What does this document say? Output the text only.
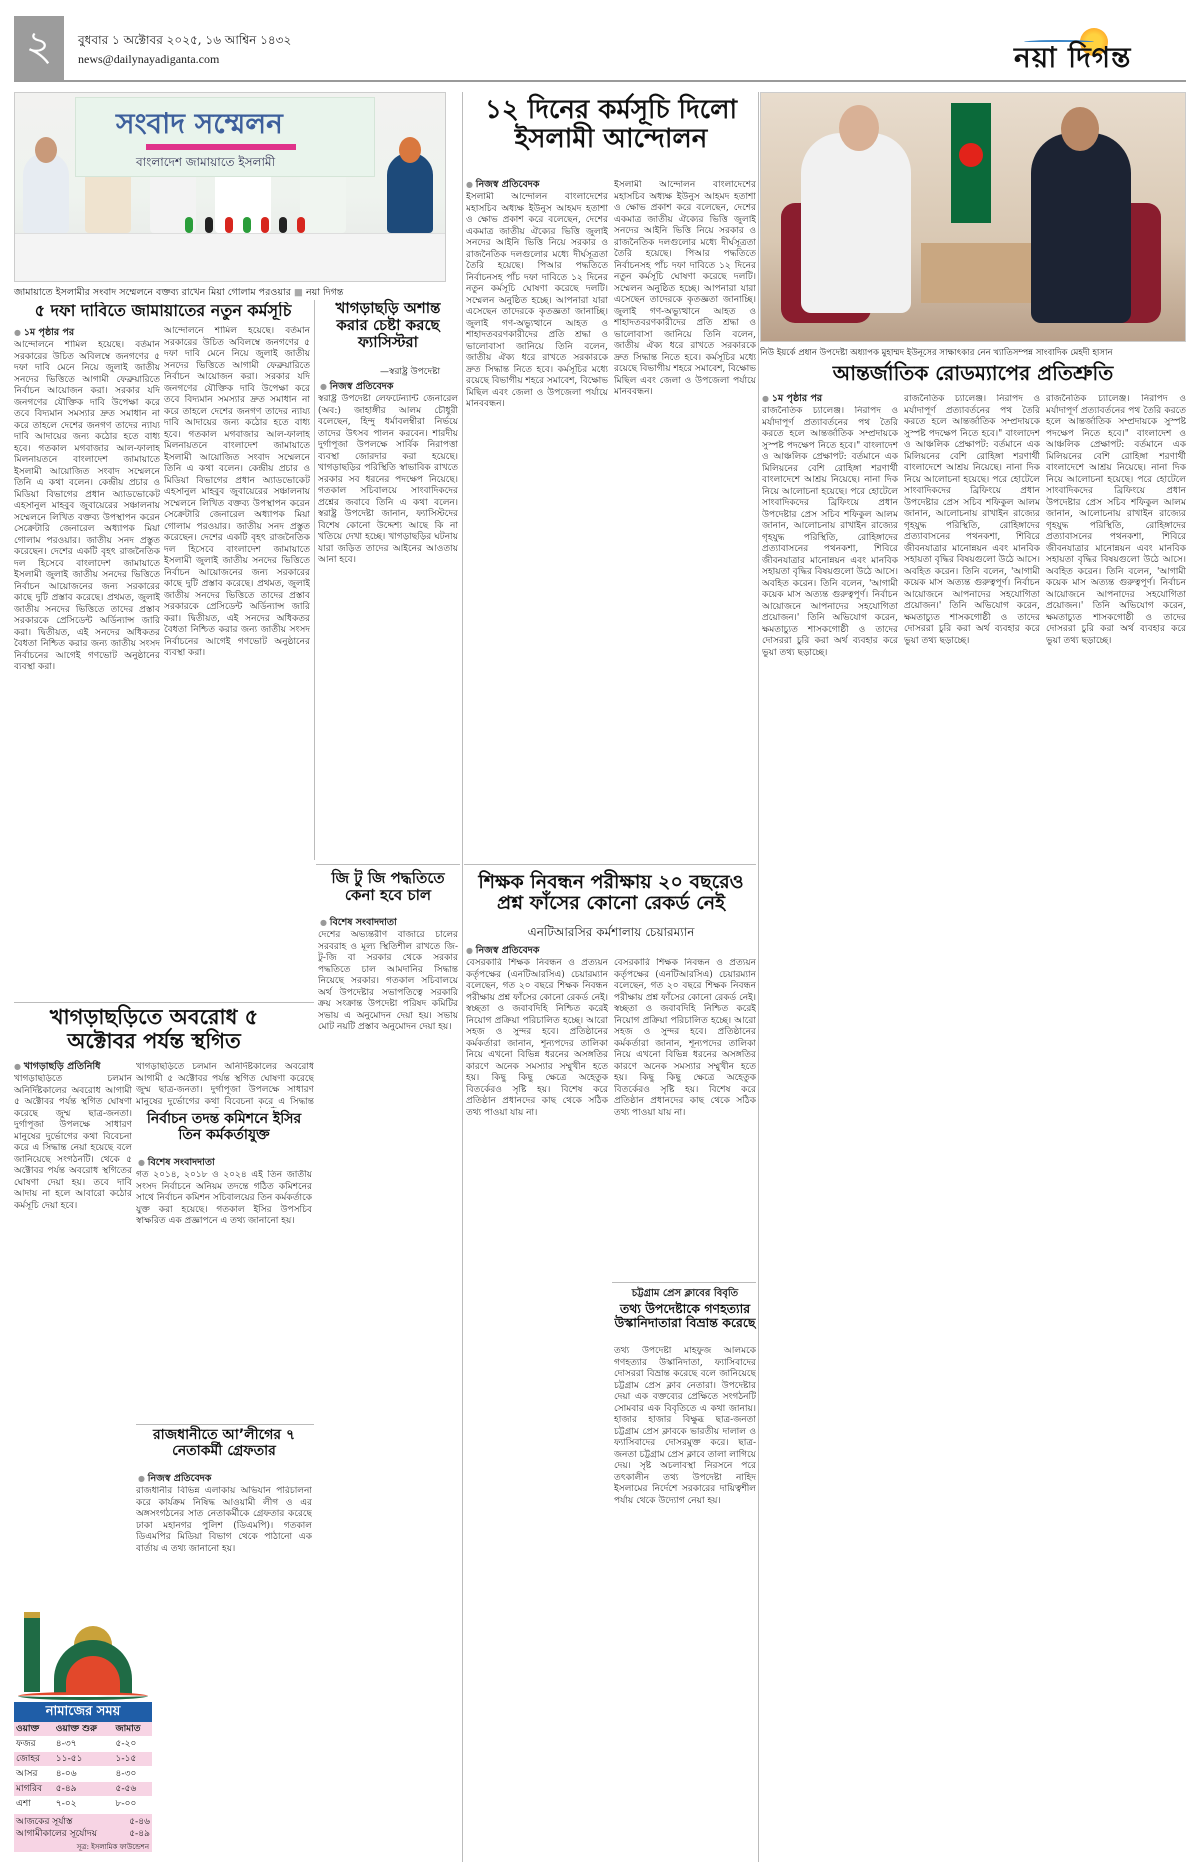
২	বুধবার ১ অক্টোবর ২০২৫, ১৬ আশ্বিন ১৪৩২
news@dailynayadiganta.com	নয়া দিগন্ত
সংবাদ সম্মেলন
বাংলাদেশ জামায়াতে ইসলামী
জামায়াতে ইসলামীর সংবাদ সম্মেলনে বক্তব্য রাখেন মিয়া গোলাম পরওয়ার ■ নয়া দিগন্ত
৫ দফা দাবিতে জামায়াতের নতুন কর্মসূচি
● ১ম পৃষ্ঠার পর
আন্দোলনে শামিল হয়েছে। বর্তমান সরকারের উচিত অবিলম্বে জনগণের ৫ দফা দাবি মেনে নিয়ে জুলাই জাতীয় সনদের ভিত্তিতে আগামী ফেব্রুয়ারিতে নির্বাচন আয়োজন করা। সরকার যদি জনগণের যৌক্তিক দাবি উপেক্ষা করে তবে বিদ্যমান সমস্যার দ্রুত সমাধান না করে তাহলে দেশের জনগণ তাদের ন্যায্য দাবি আদায়ের জন্য কঠোর হতে বাধ্য হবে। গতকাল মগবাজার আল-ফালাহ মিলনায়তনে বাংলাদেশ জামায়াতে ইসলামী আয়োজিত সংবাদ সম্মেলনে তিনি এ কথা বলেন। কেন্দ্রীয় প্রচার ও মিডিয়া বিভাগের প্রধান অ্যাডভোকেট এহসানুল মাহবুব জুবায়েরের সঞ্চালনায় সম্মেলনে লিখিত বক্তব্য উপস্থাপন করেন সেক্রেটারি জেনারেল অধ্যাপক মিয়া গোলাম পরওয়ার। জাতীয় সনদ প্রস্তুত করেছেন। দেশের একটি বৃহৎ রাজনৈতিক দল হিসেবে বাংলাদেশ জামায়াতে ইসলামী জুলাই জাতীয় সনদের ভিত্তিতে নির্বাচন আয়োজনের জন্য সরকারের কাছে দুটি প্রস্তাব করেছে। প্রথমত, জুলাই জাতীয় সনদের ভিত্তিতে তাদের প্রস্তাব সরকারকে প্রেসিডেন্ট অর্ডিন্যান্স জারি করা। দ্বিতীয়ত, এই সনদের অধিকতর বৈধতা নিশ্চিত করার জন্য জাতীয় সংসদ নির্বাচনের আগেই গণভোট অনুষ্ঠানের ব্যবস্থা করা।
আন্দোলনে শামিল হয়েছে। বর্তমান সরকারের উচিত অবিলম্বে জনগণের ৫ দফা দাবি মেনে নিয়ে জুলাই জাতীয় সনদের ভিত্তিতে আগামী ফেব্রুয়ারিতে নির্বাচন আয়োজন করা। সরকার যদি জনগণের যৌক্তিক দাবি উপেক্ষা করে তবে বিদ্যমান সমস্যার দ্রুত সমাধান না করে তাহলে দেশের জনগণ তাদের ন্যায্য দাবি আদায়ের জন্য কঠোর হতে বাধ্য হবে। গতকাল মগবাজার আল-ফালাহ মিলনায়তনে বাংলাদেশ জামায়াতে ইসলামী আয়োজিত সংবাদ সম্মেলনে তিনি এ কথা বলেন। কেন্দ্রীয় প্রচার ও মিডিয়া বিভাগের প্রধান অ্যাডভোকেট এহসানুল মাহবুব জুবায়েরের সঞ্চালনায় সম্মেলনে লিখিত বক্তব্য উপস্থাপন করেন সেক্রেটারি জেনারেল অধ্যাপক মিয়া গোলাম পরওয়ার। জাতীয় সনদ প্রস্তুত করেছেন। দেশের একটি বৃহৎ রাজনৈতিক দল হিসেবে বাংলাদেশ জামায়াতে ইসলামী জুলাই জাতীয় সনদের ভিত্তিতে নির্বাচন আয়োজনের জন্য সরকারের কাছে দুটি প্রস্তাব করেছে। প্রথমত, জুলাই জাতীয় সনদের ভিত্তিতে তাদের প্রস্তাব সরকারকে প্রেসিডেন্ট অর্ডিন্যান্স জারি করা। দ্বিতীয়ত, এই সনদের অধিকতর বৈধতা নিশ্চিত করার জন্য জাতীয় সংসদ নির্বাচনের আগেই গণভোট অনুষ্ঠানের ব্যবস্থা করা।
খাগড়াছড়ি অশান্ত করার চেষ্টা করছে ফ্যাসিস্টরা
—স্বরাষ্ট্র উপদেষ্টা
● নিজস্ব প্রতিবেদক
স্বরাষ্ট্র উপদেষ্টা লেফটেন্যান্ট জেনারেল (অব:) জাহাঙ্গীর আলম চৌধুরী বলেছেন, হিন্দু ধর্মাবলম্বীরা নির্ভয়ে তাদের উৎসব পালন করবেন। শারদীয় দুর্গাপূজা উপলক্ষে সার্বিক নিরাপত্তা ব্যবস্থা জোরদার করা হয়েছে। খাগড়াছড়ির পরিস্থিতি স্বাভাবিক রাখতে সরকার সব ধরনের পদক্ষেপ নিয়েছে। গতকাল সচিবালয়ে সাংবাদিকদের প্রশ্নের জবাবে তিনি এ কথা বলেন। স্বরাষ্ট্র উপদেষ্টা জানান, ফ্যাসিস্টদের বিশেষ কোনো উদ্দেশ্য আছে কি না খতিয়ে দেখা হচ্ছে। খাগড়াছড়ির ঘটনায় যারা জড়িত তাদের আইনের আওতায় আনা হবে।
১২ দিনের কর্মসূচি দিলো ইসলামী আন্দোলন
● নিজস্ব প্রতিবেদক
ইসলামী আন্দোলন বাংলাদেশের মহাসচিব অধ্যক্ষ ইউনুস আহমদ হতাশা ও ক্ষোভ প্রকাশ করে বলেছেন, দেশের একমাত্র জাতীয় ঐক্যের ভিত্তি জুলাই সনদের আইনি ভিত্তি নিয়ে সরকার ও রাজনৈতিক দলগুলোর মধ্যে দীর্ঘসূত্রতা তৈরি হয়েছে। পিআর পদ্ধতিতে নির্বাচনসহ পাঁচ দফা দাবিতে ১২ দিনের নতুন কর্মসূচি ঘোষণা করেছে দলটি। সম্মেলন অনুষ্ঠিত হচ্ছে। আপনারা যারা এসেছেন তাদেরকে কৃতজ্ঞতা জানাচ্ছি। জুলাই গণ-অভ্যুত্থানে আহত ও শাহাদতবরণকারীদের প্রতি শ্রদ্ধা ও ভালোবাসা জানিয়ে তিনি বলেন, জাতীয় ঐক্য ধরে রাখতে সরকারকে দ্রুত সিদ্ধান্ত নিতে হবে। কর্মসূচির মধ্যে রয়েছে বিভাগীয় শহরে সমাবেশ, বিক্ষোভ মিছিল এবং জেলা ও উপজেলা পর্যায়ে মানববন্ধন।
ইসলামী আন্দোলন বাংলাদেশের মহাসচিব অধ্যক্ষ ইউনুস আহমদ হতাশা ও ক্ষোভ প্রকাশ করে বলেছেন, দেশের একমাত্র জাতীয় ঐক্যের ভিত্তি জুলাই সনদের আইনি ভিত্তি নিয়ে সরকার ও রাজনৈতিক দলগুলোর মধ্যে দীর্ঘসূত্রতা তৈরি হয়েছে। পিআর পদ্ধতিতে নির্বাচনসহ পাঁচ দফা দাবিতে ১২ দিনের নতুন কর্মসূচি ঘোষণা করেছে দলটি। সম্মেলন অনুষ্ঠিত হচ্ছে। আপনারা যারা এসেছেন তাদেরকে কৃতজ্ঞতা জানাচ্ছি। জুলাই গণ-অভ্যুত্থানে আহত ও শাহাদতবরণকারীদের প্রতি শ্রদ্ধা ও ভালোবাসা জানিয়ে তিনি বলেন, জাতীয় ঐক্য ধরে রাখতে সরকারকে দ্রুত সিদ্ধান্ত নিতে হবে। কর্মসূচির মধ্যে রয়েছে বিভাগীয় শহরে সমাবেশ, বিক্ষোভ মিছিল এবং জেলা ও উপজেলা পর্যায়ে মানববন্ধন।
নিউ ইয়র্কে প্রধান উপদেষ্টা অধ্যাপক মুহাম্মদ ইউনূসের সাক্ষাৎকার নেন খ্যাতিসম্পন্ন সাংবাদিক মেহদী হাসান
আন্তর্জাতিক রোডম্যাপের প্রতিশ্রুতি
● ১ম পৃষ্ঠার পর
রাজনৈতিক চ্যালেঞ্জ। নিরাপদ ও মর্যাদাপূর্ণ প্রত্যাবর্তনের পথ তৈরি করতে হলে আন্তর্জাতিক সম্প্রদায়কে সুস্পষ্ট পদক্ষেপ নিতে হবে।" বাংলাদেশ ও আঞ্চলিক প্রেক্ষাপট: বর্তমানে এক মিলিয়নের বেশি রোহিঙ্গা শরণার্থী বাংলাদেশে আশ্রয় নিয়েছে। নানা দিক নিয়ে আলোচনা হয়েছে। পরে হোটেলে সাংবাদিকদের ব্রিফিংয়ে প্রধান উপদেষ্টার প্রেস সচিব শফিকুল আলম জানান, আলোচনায় রাখাইন রাজ্যের গৃহযুদ্ধ পরিস্থিতি, রোহিঙ্গাদের প্রত্যাবাসনের পথনকশা, শিবিরে জীবনযাত্রার মানোন্নয়ন এবং মানবিক সহায়তা বৃদ্ধির বিষয়গুলো উঠে আসে। অবহিত করেন। তিনি বলেন, 'আগামী কয়েক মাস অত্যন্ত গুরুত্বপূর্ণ। নির্বাচন আয়োজনে আপনাদের সহযোগিতা প্রয়োজন।' তিনি অভিযোগ করেন, ক্ষমতাচ্যুত শাসকগোষ্ঠী ও তাদের দোসররা চুরি করা অর্থ ব্যবহার করে ভুয়া তথ্য ছড়াচ্ছে।
রাজনৈতিক চ্যালেঞ্জ। নিরাপদ ও মর্যাদাপূর্ণ প্রত্যাবর্তনের পথ তৈরি করতে হলে আন্তর্জাতিক সম্প্রদায়কে সুস্পষ্ট পদক্ষেপ নিতে হবে।" বাংলাদেশ ও আঞ্চলিক প্রেক্ষাপট: বর্তমানে এক মিলিয়নের বেশি রোহিঙ্গা শরণার্থী বাংলাদেশে আশ্রয় নিয়েছে। নানা দিক নিয়ে আলোচনা হয়েছে। পরে হোটেলে সাংবাদিকদের ব্রিফিংয়ে প্রধান উপদেষ্টার প্রেস সচিব শফিকুল আলম জানান, আলোচনায় রাখাইন রাজ্যের গৃহযুদ্ধ পরিস্থিতি, রোহিঙ্গাদের প্রত্যাবাসনের পথনকশা, শিবিরে জীবনযাত্রার মানোন্নয়ন এবং মানবিক সহায়তা বৃদ্ধির বিষয়গুলো উঠে আসে। অবহিত করেন। তিনি বলেন, 'আগামী কয়েক মাস অত্যন্ত গুরুত্বপূর্ণ। নির্বাচন আয়োজনে আপনাদের সহযোগিতা প্রয়োজন।' তিনি অভিযোগ করেন, ক্ষমতাচ্যুত শাসকগোষ্ঠী ও তাদের দোসররা চুরি করা অর্থ ব্যবহার করে ভুয়া তথ্য ছড়াচ্ছে।
রাজনৈতিক চ্যালেঞ্জ। নিরাপদ ও মর্যাদাপূর্ণ প্রত্যাবর্তনের পথ তৈরি করতে হলে আন্তর্জাতিক সম্প্রদায়কে সুস্পষ্ট পদক্ষেপ নিতে হবে।" বাংলাদেশ ও আঞ্চলিক প্রেক্ষাপট: বর্তমানে এক মিলিয়নের বেশি রোহিঙ্গা শরণার্থী বাংলাদেশে আশ্রয় নিয়েছে। নানা দিক নিয়ে আলোচনা হয়েছে। পরে হোটেলে সাংবাদিকদের ব্রিফিংয়ে প্রধান উপদেষ্টার প্রেস সচিব শফিকুল আলম জানান, আলোচনায় রাখাইন রাজ্যের গৃহযুদ্ধ পরিস্থিতি, রোহিঙ্গাদের প্রত্যাবাসনের পথনকশা, শিবিরে জীবনযাত্রার মানোন্নয়ন এবং মানবিক সহায়তা বৃদ্ধির বিষয়গুলো উঠে আসে। অবহিত করেন। তিনি বলেন, 'আগামী কয়েক মাস অত্যন্ত গুরুত্বপূর্ণ। নির্বাচন আয়োজনে আপনাদের সহযোগিতা প্রয়োজন।' তিনি অভিযোগ করেন, ক্ষমতাচ্যুত শাসকগোষ্ঠী ও তাদের দোসররা চুরি করা অর্থ ব্যবহার করে ভুয়া তথ্য ছড়াচ্ছে।
জি টু জি পদ্ধতিতে কেনা হবে চাল
● বিশেষ সংবাদদাতা
দেশের অভ্যন্তরীণ বাজারে চালের সরবরাহ ও মূল্য স্থিতিশীল রাখতে জি-টু-জি বা সরকার থেকে সরকার পদ্ধতিতে চাল আমদানির সিদ্ধান্ত নিয়েছে সরকার। গতকাল সচিবালয়ে অর্থ উপদেষ্টার সভাপতিত্বে সরকারি ক্রয় সংক্রান্ত উপদেষ্টা পরিষদ কমিটির সভায় এ অনুমোদন দেয়া হয়। সভায় মোট নয়টি প্রস্তাব অনুমোদন দেয়া হয়।
শিক্ষক নিবন্ধন পরীক্ষায় ২০ বছরেও প্রশ্ন ফাঁসের কোনো রেকর্ড নেই
এনটিআরসির কর্মশালায় চেয়ারম্যান
● নিজস্ব প্রতিবেদক
বেসরকারি শিক্ষক নিবন্ধন ও প্রত্যয়ন কর্তৃপক্ষের (এনটিআরসিএ) চেয়ারম্যান বলেছেন, গত ২০ বছরে শিক্ষক নিবন্ধন পরীক্ষায় প্রশ্ন ফাঁসের কোনো রেকর্ড নেই। স্বচ্ছতা ও জবাবদিহি নিশ্চিত করেই নিয়োগ প্রক্রিয়া পরিচালিত হচ্ছে। আরো সহজ ও সুন্দর হবে। প্রতিষ্ঠানের কর্মকর্তারা জানান, শূন্যপদের তালিকা নিয়ে এখনো বিভিন্ন ধরনের অসঙ্গতির কারণে অনেক সমস্যার সম্মুখীন হতে হয়। কিছু কিছু ক্ষেত্রে অহেতুক বিতর্কেরও সৃষ্টি হয়। বিশেষ করে প্রতিষ্ঠান প্রধানদের কাছ থেকে সঠিক তথ্য পাওয়া যায় না।
বেসরকারি শিক্ষক নিবন্ধন ও প্রত্যয়ন কর্তৃপক্ষের (এনটিআরসিএ) চেয়ারম্যান বলেছেন, গত ২০ বছরে শিক্ষক নিবন্ধন পরীক্ষায় প্রশ্ন ফাঁসের কোনো রেকর্ড নেই। স্বচ্ছতা ও জবাবদিহি নিশ্চিত করেই নিয়োগ প্রক্রিয়া পরিচালিত হচ্ছে। আরো সহজ ও সুন্দর হবে। প্রতিষ্ঠানের কর্মকর্তারা জানান, শূন্যপদের তালিকা নিয়ে এখনো বিভিন্ন ধরনের অসঙ্গতির কারণে অনেক সমস্যার সম্মুখীন হতে হয়। কিছু কিছু ক্ষেত্রে অহেতুক বিতর্কেরও সৃষ্টি হয়। বিশেষ করে প্রতিষ্ঠান প্রধানদের কাছ থেকে সঠিক তথ্য পাওয়া যায় না।
চট্টগ্রাম প্রেস ক্লাবের বিবৃতি
তথ্য উপদেষ্টাকে গণহত্যার উস্কানিদাতারা বিভ্রান্ত করেছে
তথ্য উপদেষ্টা মাহফুজ আলমকে গণহত্যার উস্কানিদাতা, ফ্যাসিবাদের দোসররা বিভ্রান্ত করেছে বলে জানিয়েছে চট্টগ্রাম প্রেস ক্লাব নেতারা। উপদেষ্টার দেয়া এক বক্তব্যের প্রেক্ষিতে সংগঠনটি সোমবার এক বিবৃতিতে এ কথা জানায়। হাজার হাজার বিক্ষুব্ধ ছাত্র-জনতা চট্টগ্রাম প্রেস ক্লাবকে ভারতীয় দালাল ও ফ্যাসিবাদের দোসরমুক্ত করে। ছাত্র-জনতা চট্টগ্রাম প্রেস ক্লাবে তালা লাগিয়ে দেয়। সৃষ্ট অচলাবস্থা নিরসনে পরে তৎকালীন তথ্য উপদেষ্টা নাহিদ ইসলামের নির্দেশে সরকারের দায়িত্বশীল পর্যায় থেকে উদ্যোগ নেয়া হয়।
খাগড়াছড়িতে অবরোধ ৫ অক্টোবর পর্যন্ত স্থগিত
● খাগড়াছড়ি প্রতিনিধি
খাগড়াছড়িতে চলমান অনির্দিষ্টকালের অবরোধ আগামী ৫ অক্টোবর পর্যন্ত স্থগিত ঘোষণা করেছে জুম্ম ছাত্র-জনতা। দুর্গাপূজা উপলক্ষে সাধারণ মানুষের দুর্ভোগের কথা বিবেচনা করে এ সিদ্ধান্ত নেয়া হয়েছে বলে জানিয়েছে সংগঠনটি। থেকে ৫ অক্টোবর পর্যন্ত অবরোধ স্থগিতের ঘোষণা দেয়া হয়। তবে দাবি আদায় না হলে আবারো কঠোর কর্মসূচি দেয়া হবে।
খাগড়াছড়িতে চলমান অনির্দিষ্টকালের অবরোধ আগামী ৫ অক্টোবর পর্যন্ত স্থগিত ঘোষণা করেছে জুম্ম ছাত্র-জনতা। দুর্গাপূজা উপলক্ষে সাধারণ মানুষের দুর্ভোগের কথা বিবেচনা করে এ সিদ্ধান্ত
নির্বাচন তদন্ত কমিশনে ইসির তিন কর্মকর্তাযুক্ত
● বিশেষ সংবাদদাতা
গত ২০১৪, ২০১৮ ও ২০২৪ এই তিন জাতীয় সংসদ নির্বাচনে অনিয়ম তদন্তে গঠিত কমিশনের সাথে নির্বাচন কমিশন সচিবালয়ের তিন কর্মকর্তাকে যুক্ত করা হয়েছে। গতকাল ইসির উপসচিব স্বাক্ষরিত এক প্রজ্ঞাপনে এ তথ্য জানানো হয়।
রাজধানীতে আ’লীগের ৭ নেতাকর্মী গ্রেফতার
● নিজস্ব প্রতিবেদক
রাজধানীর বিভিন্ন এলাকায় অভিযান পরিচালনা করে কার্যক্রম নিষিদ্ধ আওয়ামী লীগ ও এর অঙ্গসংগঠনের সাত নেতাকর্মীকে গ্রেফতার করেছে ঢাকা মহানগর পুলিশ (ডিএমপি)। গতকাল ডিএমপির মিডিয়া বিভাগ থেকে পাঠানো এক বার্তায় এ তথ্য জানানো হয়।
নামাজের সময়
ওয়াক্ত	ওয়াক্ত শুরু	জামাত
ফজর	৪-৩৭	৫-২০
জোহর	১১-৫১	১-১৫
আসর	৪-০৬	৪-৩০
মাগরিব	৫-৪৯	৫-৫৬
এশা	৭-০২	৮-০০
আজকের সূর্যাস্ত	৫-৪৬
আগামীকালের সূর্যোদয়	৫-৪৯
সূত্র: ইসলামিক ফাউন্ডেশন
